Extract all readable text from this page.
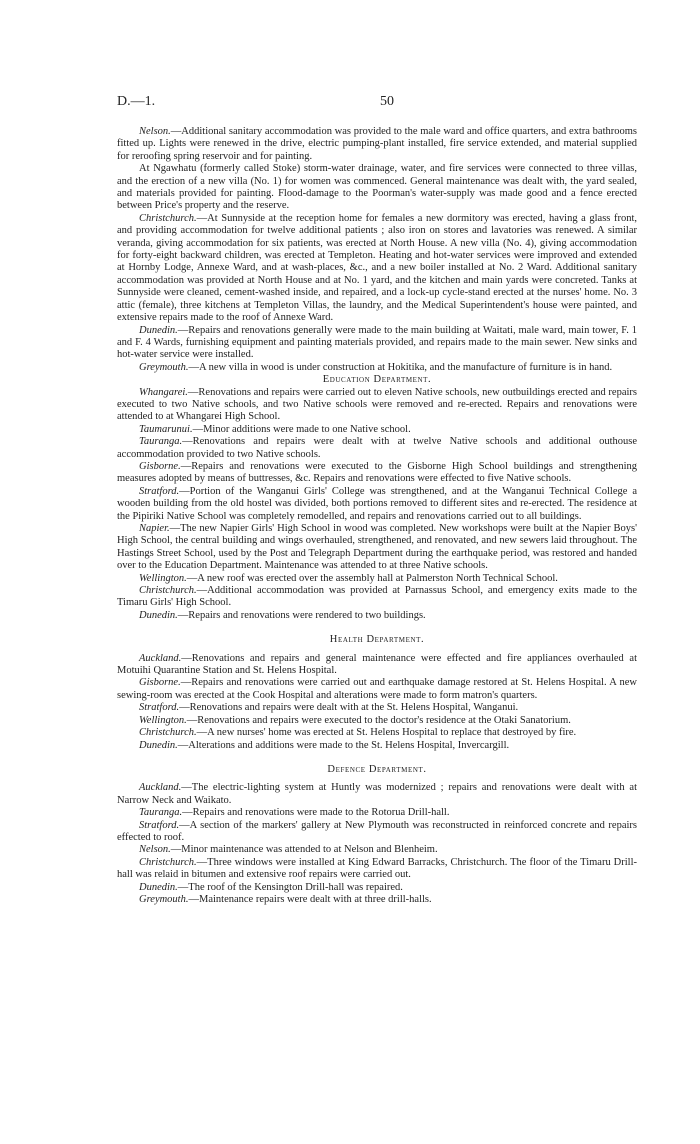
D.—1.	50

Nelson.—Additional sanitary accommodation was provided to the male ward and office quarters, and extra bathrooms fitted up. Lights were renewed in the drive, electric pumping-plant installed, fire service extended, and material supplied for reroofing spring reservoir and for painting.

At Ngawhatu (formerly called Stoke) storm-water drainage, water, and fire services were connected to three villas, and the erection of a new villa (No. 1) for women was commenced. General maintenance was dealt with, the yard sealed, and materials provided for painting. Flood-damage to the Poorman's water-supply was made good and a fence erected between Price's property and the reserve.

Christchurch.—At Sunnyside at the reception home for females a new dormitory was erected, having a glass front, and providing accommodation for twelve additional patients ; also iron on stores and lavatories was renewed. A similar veranda, giving accommodation for six patients, was erected at North House. A new villa (No. 4), giving accommodation for forty-eight backward children, was erected at Templeton. Heating and hot-water services were improved and extended at Hornby Lodge, Annexe Ward, and at wash-places, &c., and a new boiler installed at No. 2 Ward. Additional sanitary accommodation was provided at North House and at No. 1 yard, and the kitchen and main yards were concreted. Tanks at Sunnyside were cleaned, cement-washed inside, and repaired, and a lock-up cycle-stand erected at the nurses' home. No. 3 attic (female), three kitchens at Templeton Villas, the laundry, and the Medical Superintendent's house were painted, and extensive repairs made to the roof of Annexe Ward.

Dunedin.—Repairs and renovations generally were made to the main building at Waitati, male ward, main tower, F. 1 and F. 4 Wards, furnishing equipment and painting materials provided, and repairs made to the main sewer. New sinks and hot-water service were installed.

Greymouth.—A new villa in wood is under construction at Hokitika, and the manufacture of furniture is in hand.

Education Department.

Whangarei.—Renovations and repairs were carried out to eleven Native schools, new outbuildings erected and repairs executed to two Native schools, and two Native schools were removed and re-erected. Repairs and renovations were attended to at Whangarei High School.

Taumarunui.—Minor additions were made to one Native school.

Tauranga.—Renovations and repairs were dealt with at twelve Native schools and additional outhouse accommodation provided to two Native schools.

Gisborne.—Repairs and renovations were executed to the Gisborne High School buildings and strengthening measures adopted by means of buttresses, &c. Repairs and renovations were effected to five Native schools.

Stratford.—Portion of the Wanganui Girls' College was strengthened, and at the Wanganui Technical College a wooden building from the old hostel was divided, both portions removed to different sites and re-erected. The residence at the Pipiriki Native School was completely remodelled, and repairs and renovations carried out to all buildings.

Napier.—The new Napier Girls' High School in wood was completed. New workshops were built at the Napier Boys' High School, the central building and wings overhauled, strengthened, and renovated, and new sewers laid throughout. The Hastings Street School, used by the Post and Telegraph Department during the earthquake period, was restored and handed over to the Education Department. Maintenance was attended to at three Native schools.

Wellington.—A new roof was erected over the assembly hall at Palmerston North Technical School.

Christchurch.—Additional accommodation was provided at Parnassus School, and emergency exits made to the Timaru Girls' High School.

Dunedin.—Repairs and renovations were rendered to two buildings.

Health Department.

Auckland.—Renovations and repairs and general maintenance were effected and fire appliances overhauled at Motuihi Quarantine Station and St. Helens Hospital.

Gisborne.—Repairs and renovations were carried out and earthquake damage restored at St. Helens Hospital. A new sewing-room was erected at the Cook Hospital and alterations were made to form matron's quarters.

Stratford.—Renovations and repairs were dealt with at the St. Helens Hospital, Wanganui.

Wellington.—Renovations and repairs were executed to the doctor's residence at the Otaki Sanatorium.

Christchurch.—A new nurses' home was erected at St. Helens Hospital to replace that destroyed by fire.

Dunedin.—Alterations and additions were made to the St. Helens Hospital, Invercargill.

Defence Department.

Auckland.—The electric-lighting system at Huntly was modernized ; repairs and renovations were dealt with at Narrow Neck and Waikato.

Tauranga.—Repairs and renovations were made to the Rotorua Drill-hall.

Stratford.—A section of the markers' gallery at New Plymouth was reconstructed in reinforced concrete and repairs effected to roof.

Nelson.—Minor maintenance was attended to at Nelson and Blenheim.

Christchurch.—Three windows were installed at King Edward Barracks, Christchurch. The floor of the Timaru Drill-hall was relaid in bitumen and extensive roof repairs were carried out.

Dunedin.—The roof of the Kensington Drill-hall was repaired.

Greymouth.—Maintenance repairs were dealt with at three drill-halls.
